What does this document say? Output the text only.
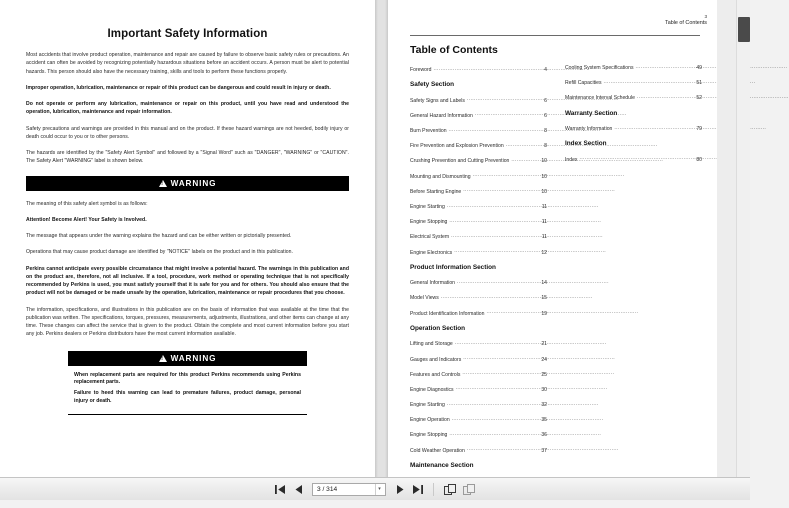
Important Safety Information

Most accidents that involve product operation, maintenance and repair are caused by failure to observe basic safety rules or precautions. An accident can often be avoided by recognizing potentially hazardous situations before an accident occurs. A person must be alert to potential hazards. This person should also have the necessary training, skills and tools to perform these functions properly.

Improper operation, lubrication, maintenance or repair of this product can be dangerous and could result in injury or death.

Do not operate or perform any lubrication, maintenance or repair on this product, until you have read and understood the operation, lubrication, maintenance and repair information.

Safety precautions and warnings are provided in this manual and on the product. If these hazard warnings are not heeded, bodily injury or death could occur to you or to other persons.

The hazards are identified by the "Safety Alert Symbol" and followed by a "Signal Word" such as "DANGER", "WARNING" or "CAUTION". The Safety Alert "WARNING" label is shown below.

!
WARNING

The meaning of this safety alert symbol is as follows:

Attention! Become Alert! Your Safety is Involved.

The message that appears under the warning explains the hazard and can be either written or pictorially presented.

Operations that may cause product damage are identified by "NOTICE" labels on the product and in this publication.

Perkins cannot anticipate every possible circumstance that might involve a potential hazard. The warnings in this publication and on the product are, therefore, not all inclusive. If a tool, procedure, work method or operating technique that is not specifically recommended by Perkins is used, you must satisfy yourself that it is safe for you and for others. You should also ensure that the product will not be damaged or be made unsafe by the operation, lubrication, maintenance or repair procedures that you choose.

The information, specifications, and illustrations in this publication are on the basis of information that was available at the time that the publication was written. The specifications, torques, pressures, measurements, adjustments, illustrations, and other items can change at any time. These changes can affect the service that is given to the product. Obtain the complete and most current information before you start any job. Perkins dealers or Perkins distributors have the most current information available.

!
WARNING

When replacement parts are required for this product Perkins recommends using Perkins replacement parts.

Failure to heed this warning can lead to premature failures, product damage, personal injury or death.

3
Table of Contents
Table of Contents
Foreword .....	4
Safety Section
Safety Signs and Labels .....	6
General Hazard Information .....	6
Burn Prevention .....	8
Fire Prevention and Explosion Prevention .....	8
Crushing Prevention and Cutting Prevention .....	10
Mounting and Dismounting .....	10
Before Starting Engine .....	10
Engine Starting .....	11
Engine Stopping .....	11
Electrical System .....	11
Engine Electronics .....	12
Product Information Section
General Information .....	14
Model Views .....	15
Product Identification Information .....	19
Operation Section
Lifting and Storage .....	21
Gauges and Indicators .....	24
Features and Controls .....	25
Engine Diagnostics .....	30
Engine Starting .....	32
Engine Operation .....	35
Engine Stopping .....	36
Cold Weather Operation .....	37
Maintenance Section
.....
.....
Cooling System Specifications .....	49
Refill Capacities .....	51
Maintenance Interval Schedule .....	52
Warranty Section
Warranty Information .....	79
Index Section
Index .....	80
3 / 314	▾
